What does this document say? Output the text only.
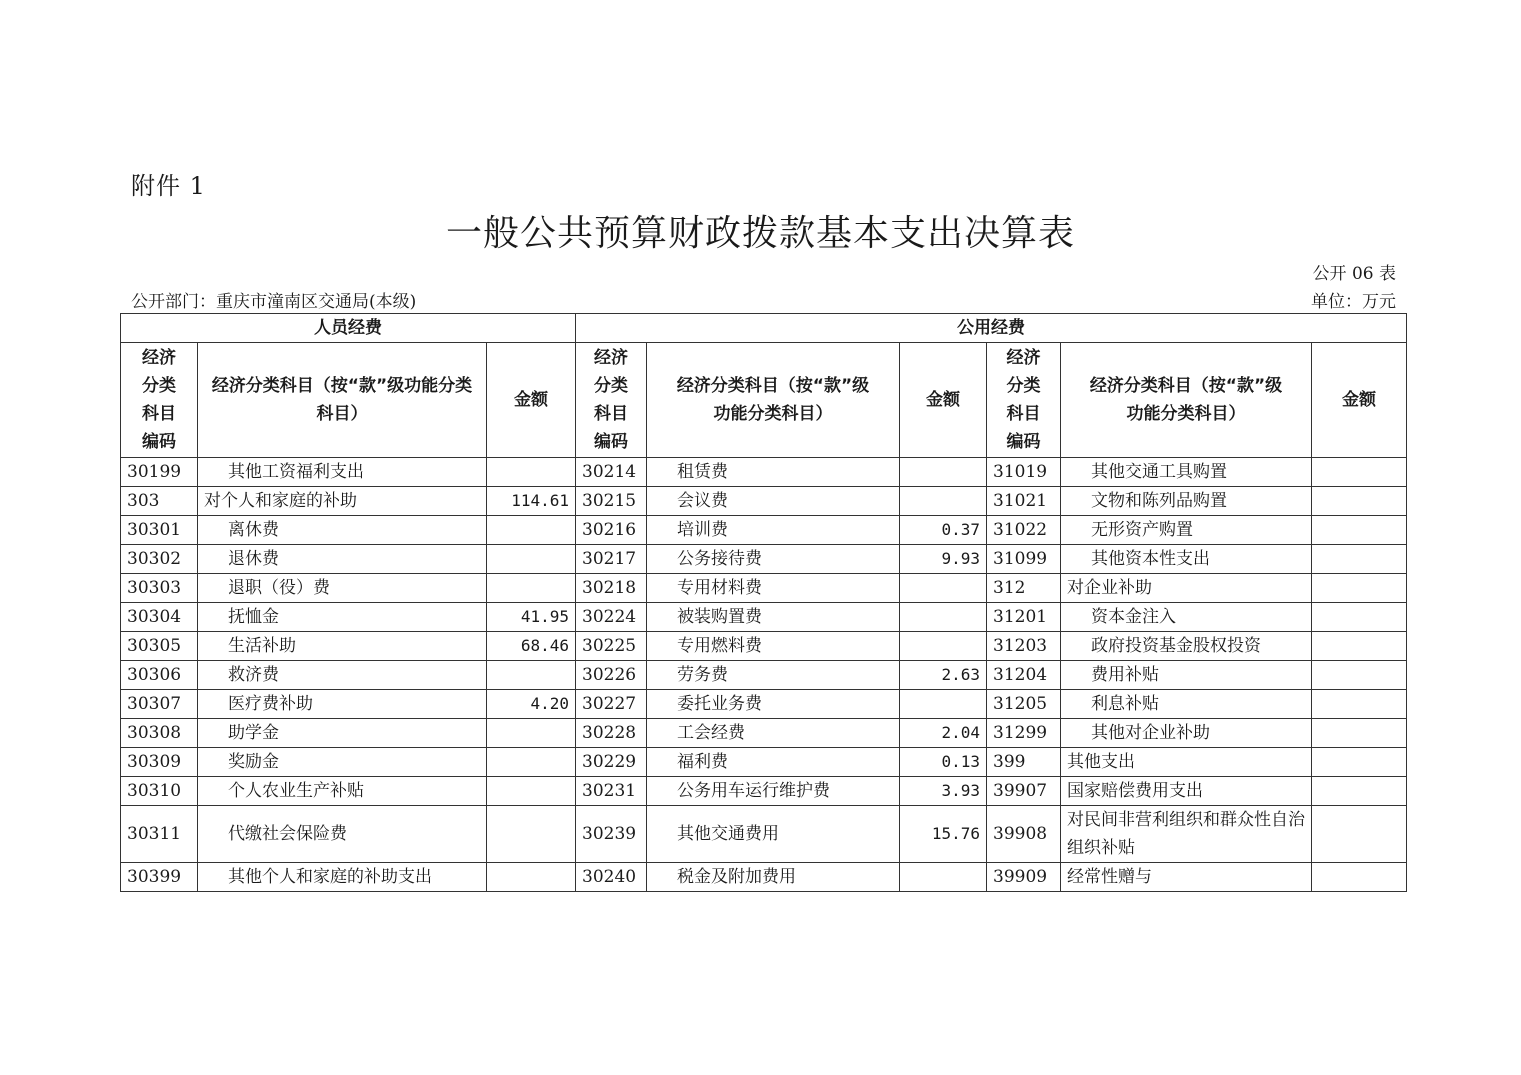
附件 1
一般公共预算财政拨款基本支出决算表
公开 06 表
公开部门：重庆市潼南区交通局(本级)	单位：万元
人员经费			公用经费					
经济分类科目编码	经济分类科目（按“款”级功能分类科目）	金额	经济分类科目编码	经济分类科目（按“款”级功能分类科目）	金额	经济分类科目编码	经济分类科目（按“款”级功能分类科目）	金额
30199	其他工资福利支出		30214	租赁费		31019	其他交通工具购置	
303	对个人和家庭的补助	114.61	30215	会议费		31021	文物和陈列品购置	
30301	离休费		30216	培训费	0.37	31022	无形资产购置	
30302	退休费		30217	公务接待费	9.93	31099	其他资本性支出	
30303	退职（役）费		30218	专用材料费		312	对企业补助	
30304	抚恤金	41.95	30224	被装购置费		31201	资本金注入	
30305	生活补助	68.46	30225	专用燃料费		31203	政府投资基金股权投资	
30306	救济费		30226	劳务费	2.63	31204	费用补贴	
30307	医疗费补助	4.20	30227	委托业务费		31205	利息补贴	
30308	助学金		30228	工会经费	2.04	31299	其他对企业补助	
30309	奖励金		30229	福利费	0.13	399	其他支出	
30310	个人农业生产补贴		30231	公务用车运行维护费	3.93	39907	国家赔偿费用支出	
30311	代缴社会保险费		30239	其他交通费用	15.76	39908	对民间非营利组织和群众性自治组织补贴	
30399	其他个人和家庭的补助支出		30240	税金及附加费用		39909	经常性赠与	
